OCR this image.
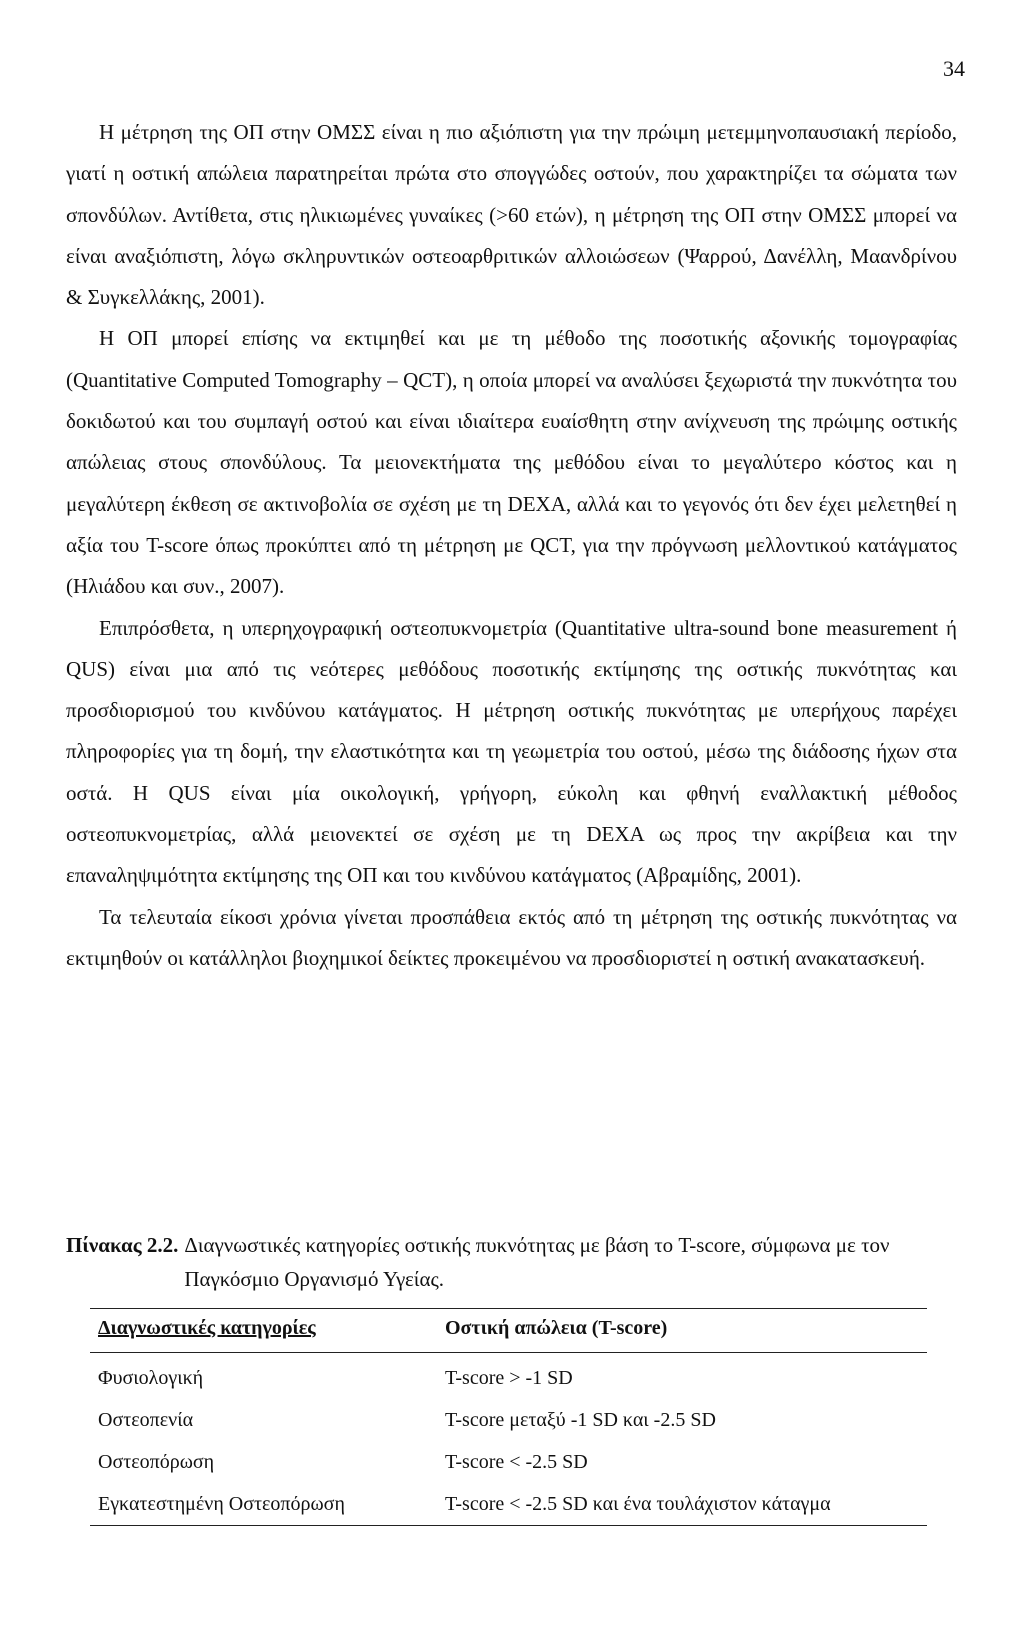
34

Η μέτρηση της ΟΠ στην ΟΜΣΣ είναι η πιο αξιόπιστη για την πρώιμη μετεμμηνοπαυσιακή περίοδο, γιατί η οστική απώλεια παρατηρείται πρώτα στο σπογγώδες οστούν, που χαρακτηρίζει τα σώματα των σπονδύλων. Αντίθετα, στις ηλικιωμένες γυναίκες (>60 ετών), η μέτρηση της ΟΠ στην ΟΜΣΣ μπορεί να είναι αναξιόπιστη, λόγω σκληρυντικών οστεοαρθριτικών αλλοιώσεων (Ψαρρού, Δανέλλη, Μαανδρίνου & Συγκελλάκης, 2001).

Η ΟΠ μπορεί επίσης να εκτιμηθεί και με τη μέθοδο της ποσοτικής αξονικής τομογραφίας (Quantitative Computed Tomography – QCT), η οποία μπορεί να αναλύσει ξεχωριστά την πυκνότητα του δοκιδωτού και του συμπαγή οστού και είναι ιδιαίτερα ευαίσθητη στην ανίχνευση της πρώιμης οστικής απώλειας στους σπονδύλους. Τα μειονεκτήματα της μεθόδου είναι το μεγαλύτερο κόστος και η μεγαλύτερη έκθεση σε ακτινοβολία σε σχέση με τη DEXA, αλλά και το γεγονός ότι δεν έχει μελετηθεί η αξία του T-score όπως προκύπτει από τη μέτρηση με QCT, για την πρόγνωση μελλοντικού κατάγματος (Ηλιάδου και συν., 2007).

Επιπρόσθετα, η υπερηχογραφική οστεοπυκνομετρία (Quantitative ultra-sound bone measurement ή QUS) είναι μια από τις νεότερες μεθόδους ποσοτικής εκτίμησης της οστικής πυκνότητας και προσδιορισμού του κινδύνου κατάγματος. Η μέτρηση οστικής πυκνότητας με υπερήχους παρέχει πληροφορίες για τη δομή, την ελαστικότητα και τη γεωμετρία του οστού, μέσω της διάδοσης ήχων στα οστά. Η QUS είναι μία οικολογική, γρήγορη, εύκολη και φθηνή εναλλακτική μέθοδος οστεοπυκνομετρίας, αλλά μειονεκτεί σε σχέση με τη DEXA ως προς την ακρίβεια και την επαναληψιμότητα εκτίμησης της ΟΠ και του κινδύνου κατάγματος (Αβραμίδης, 2001).

Τα τελευταία είκοσι χρόνια γίνεται προσπάθεια εκτός από τη μέτρηση της οστικής πυκνότητας να εκτιμηθούν οι κατάλληλοι βιοχημικοί δείκτες προκειμένου να προσδιοριστεί η οστική ανακατασκευή.

Πίνακας 2.2. Διαγνωστικές κατηγορίες οστικής πυκνότητας με βάση το T-score, σύμφωνα με τον Παγκόσμιο Οργανισμό Υγείας.
Διαγνωστικές κατηγορίες	Οστική απώλεια (T-score)
Φυσιολογική	T-score > -1 SD
Οστεοπενία	T-score μεταξύ -1 SD και -2.5 SD
Οστεοπόρωση	T-score < -2.5 SD
Εγκατεστημένη Οστεοπόρωση	T-score < -2.5 SD και ένα τουλάχιστον κάταγμα
